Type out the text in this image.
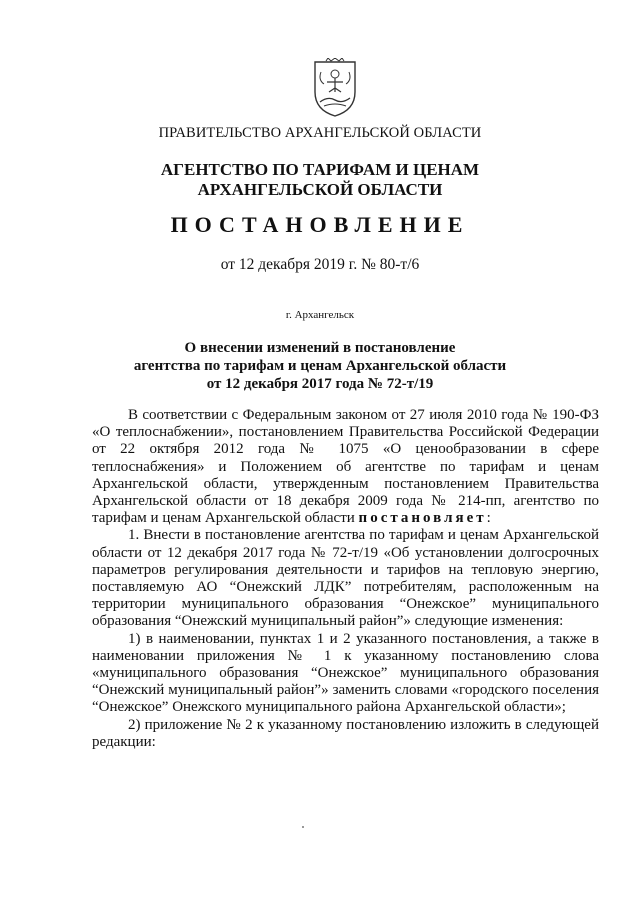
ПРАВИТЕЛЬСТВО АРХАНГЕЛЬСКОЙ ОБЛАСТИ
АГЕНТСТВО ПО ТАРИФАМ И ЦЕНАМ
АРХАНГЕЛЬСКОЙ ОБЛАСТИ
ПОСТАНОВЛЕНИЕ
от 12 декабря 2019 г. № 80-т/6
г. Архангельск
О внесении изменений в постановление
агентства по тарифам и ценам Архангельской области
от 12 декабря 2017 года № 72-т/19

В соответствии с Федеральным законом от 27 июля 2010 года № 190-ФЗ «О теплоснабжении», постановлением Правительства Российской Федерации от 22 октября 2012 года № 1075 «О ценообразовании в сфере теплоснабжения» и Положением об агентстве по тарифам и ценам Архангельской области, утвержденным постановлением Правительства Архангельской области от 18 декабря 2009 года № 214-пп, агентство по тарифам и ценам Архангельской области постановляет:

1. Внести в постановление агентства по тарифам и ценам Архангельской области от 12 декабря 2017 года № 72-т/19 «Об установлении долгосрочных параметров регулирования деятельности и тарифов на тепловую энергию, поставляемую АО “Онежский ЛДК” потребителям, расположенным на территории муниципального образования “Онежское” муниципального образования “Онежский муниципальный район”» следующие изменения:

1) в наименовании, пунктах 1 и 2 указанного постановления, а также в наименовании приложения № 1 к указанному постановлению слова «муниципального образования “Онежское” муниципального образования “Онежский муниципальный район”» заменить словами «городского поселения “Онежское” Онежского муниципального района Архангельской области»;

2) приложение № 2 к указанному постановлению изложить в следующей редакции:
